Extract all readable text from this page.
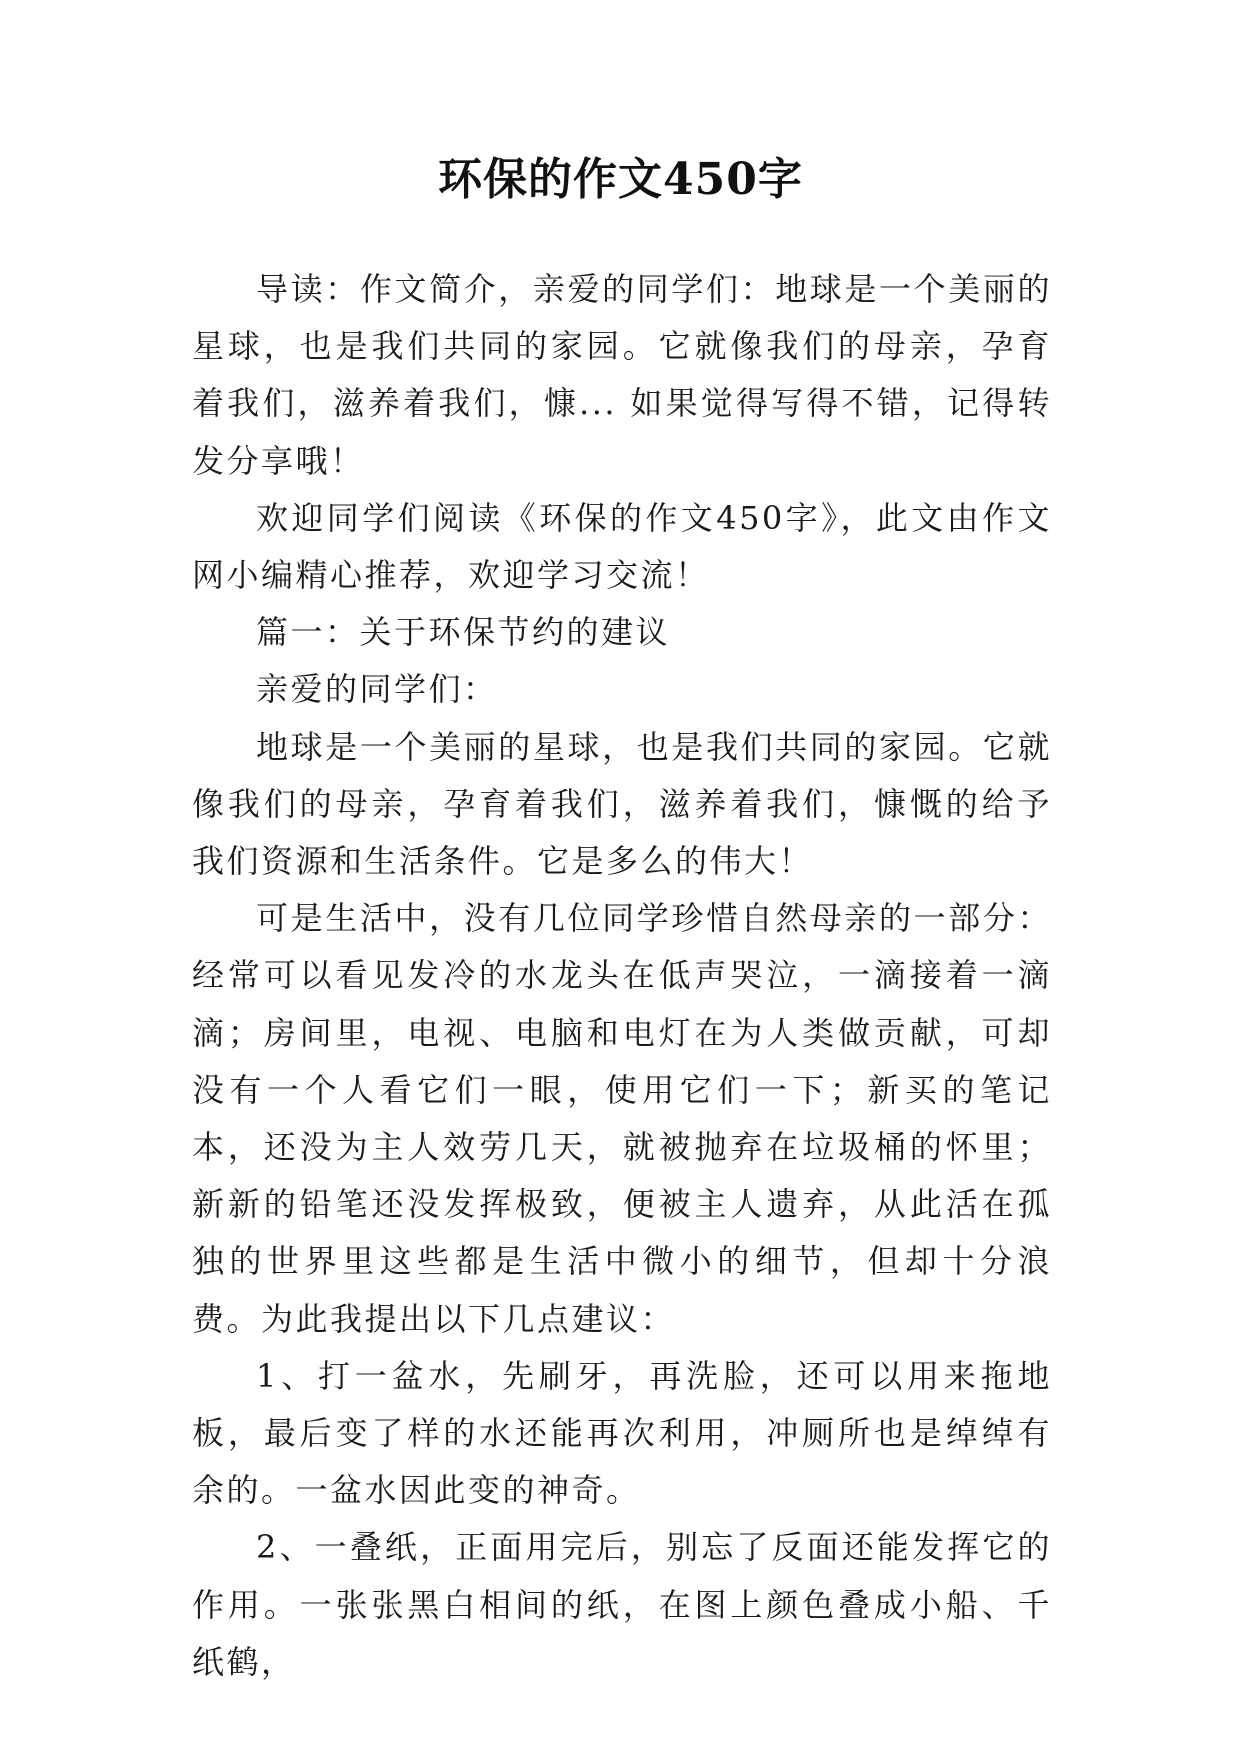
环保的作文450字

导读：作文简介，亲爱的同学们：地球是一个美丽的星球，也是我们共同的家园。它就像我们的母亲，孕育着我们，滋养着我们，慷... 如果觉得写得不错，记得转发分享哦！

欢迎同学们阅读《环保的作文450字》，此文由作文网小编精心推荐，欢迎学习交流！

篇一：关于环保节约的建议

亲爱的同学们：

地球是一个美丽的星球，也是我们共同的家园。它就像我们的母亲，孕育着我们，滋养着我们，慷慨的给予我们资源和生活条件。它是多么的伟大！

可是生活中，没有几位同学珍惜自然母亲的一部分：经常可以看见发冷的水龙头在低声哭泣，一滴接着一滴滴；房间里，电视、电脑和电灯在为人类做贡献，可却没有一个人看它们一眼，使用它们一下；新买的笔记本，还没为主人效劳几天，就被抛弃在垃圾桶的怀里；新新的铅笔还没发挥极致，便被主人遗弃，从此活在孤独的世界里这些都是生活中微小的细节，但却十分浪费。为此我提出以下几点建议：

1、打一盆水，先刷牙，再洗脸，还可以用来拖地板，最后变了样的水还能再次利用，冲厕所也是绰绰有余的。一盆水因此变的神奇。

2、一叠纸，正面用完后，别忘了反面还能发挥它的作用。一张张黑白相间的纸，在图上颜色叠成小船、千纸鹤，
